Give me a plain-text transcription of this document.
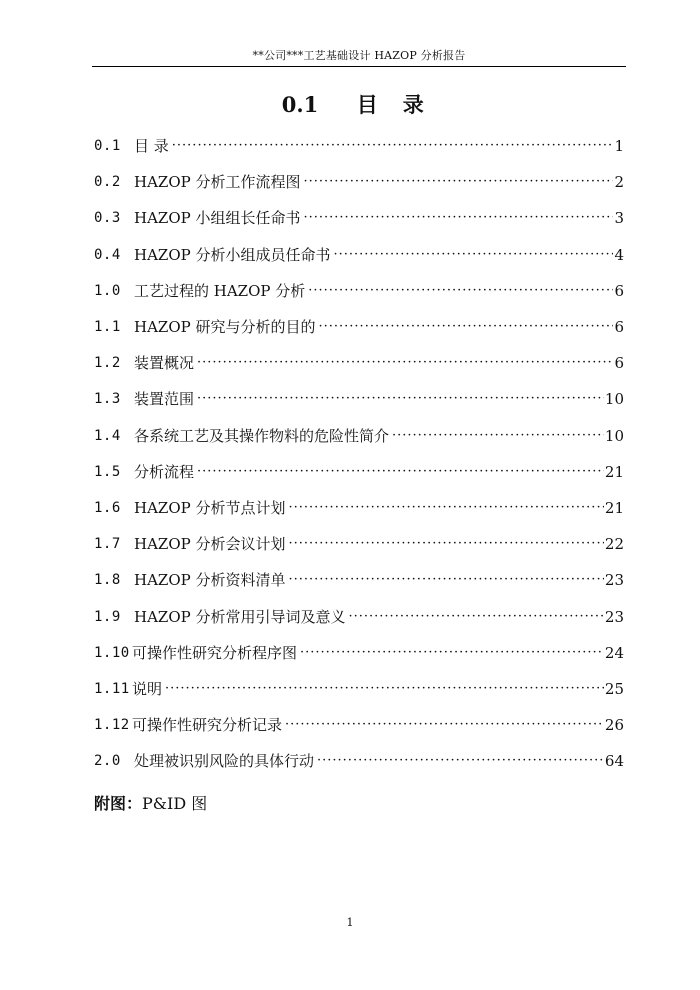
**公司***工艺基础设计 HAZOP 分析报告
0.1 目 录
0.1 目 录 ·····	1
0.2 HAZOP 分析工作流程图 ·····	2
0.3 HAZOP 小组组长任命书 ·····	3
0.4 HAZOP 分析小组成员任命书 ·····	4
1.0 工艺过程的 HAZOP 分析 ·····	6
1.1 HAZOP 研究与分析的目的 ·····	6
1.2 装置概况 ·····	6
1.3 装置范围 ·····	10
1.4 各系统工艺及其操作物料的危险性简介 ·····	10
1.5 分析流程 ·····	21
1.6 HAZOP 分析节点计划 ·····	21
1.7 HAZOP 分析会议计划 ·····	22
1.8 HAZOP 分析资料清单 ·····	23
1.9 HAZOP 分析常用引导词及意义 ·····	23
1.10 可操作性研究分析程序图 ·····	24
1.11 说明 ·····	25
1.12 可操作性研究分析记录 ·····	26
2.0 处理被识别风险的具体行动 ·····	64
附图：P&ID 图
1
